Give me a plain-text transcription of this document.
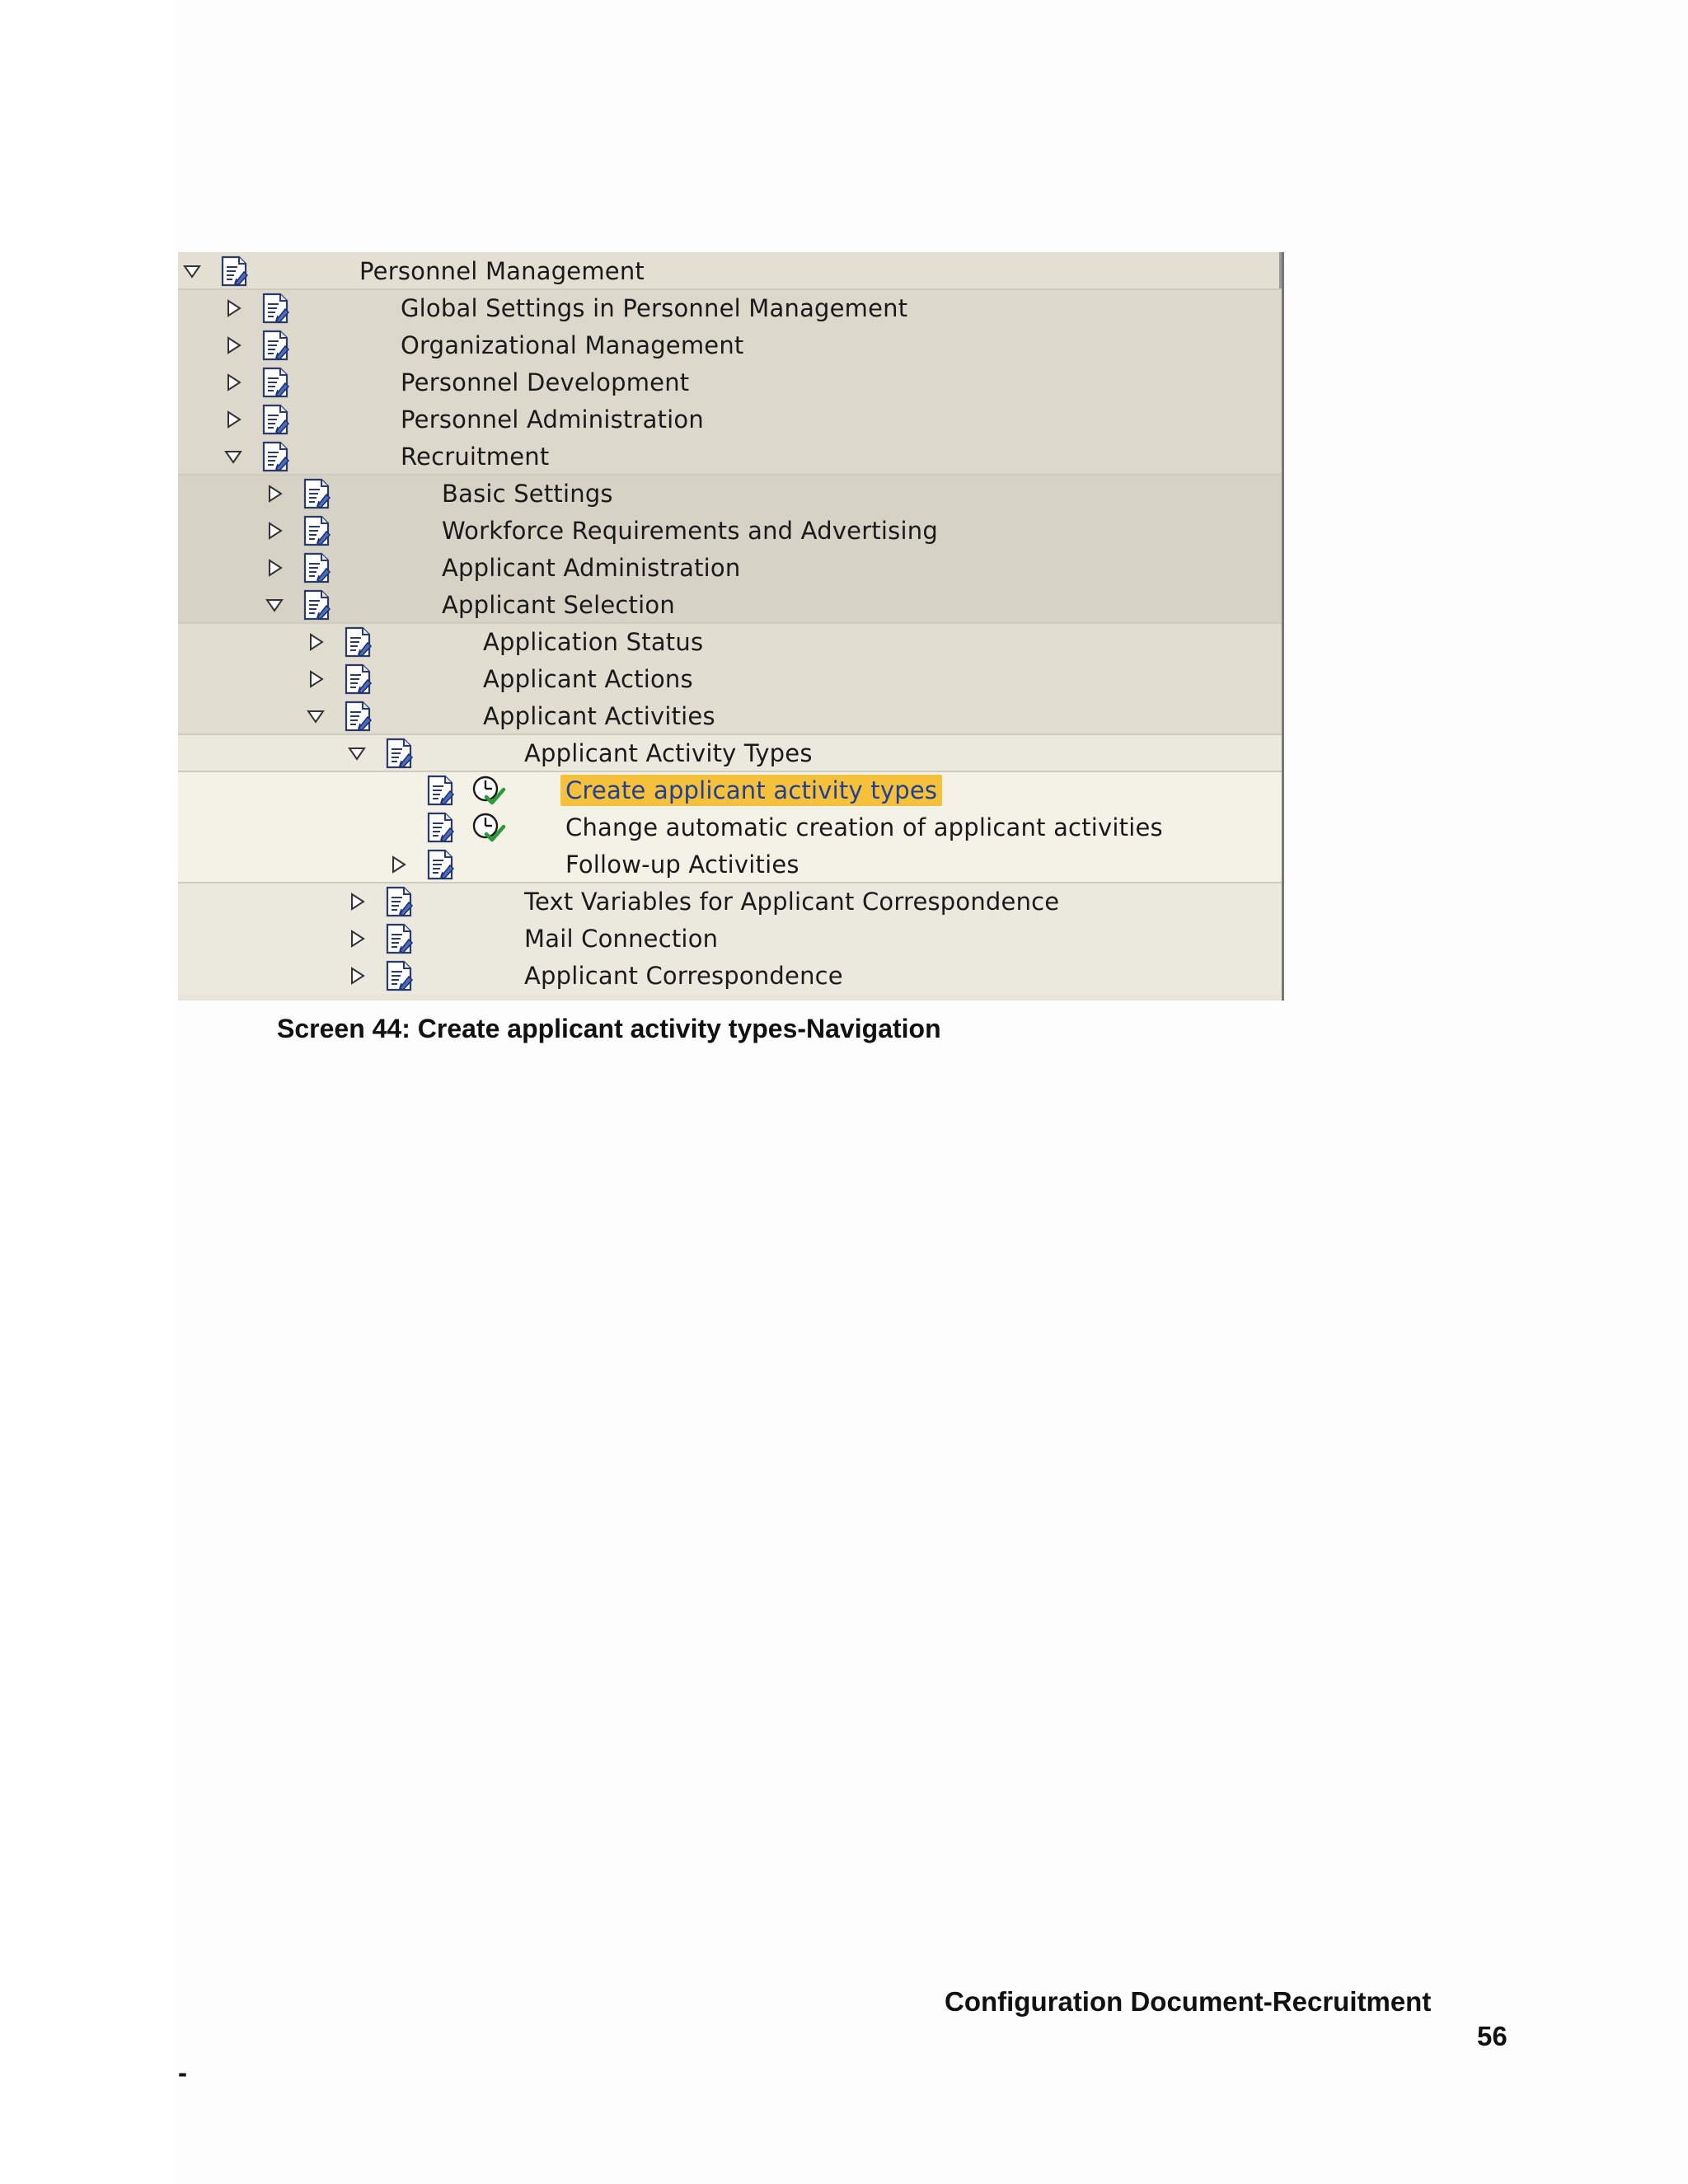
Personnel Management
Global Settings in Personnel Management
Organizational Management
Personnel Development
Personnel Administration
Recruitment
Basic Settings
Workforce Requirements and Advertising
Applicant Administration
Applicant Selection
Application Status
Applicant Actions
Applicant Activities
Applicant Activity Types
Create applicant activity types
Change automatic creation of applicant activities
Follow-up Activities
Text Variables for Applicant Correspondence
Mail Connection
Applicant Correspondence
Screen 44: Create applicant activity types-Navigation
Configuration Document-Recruitment
56
-
